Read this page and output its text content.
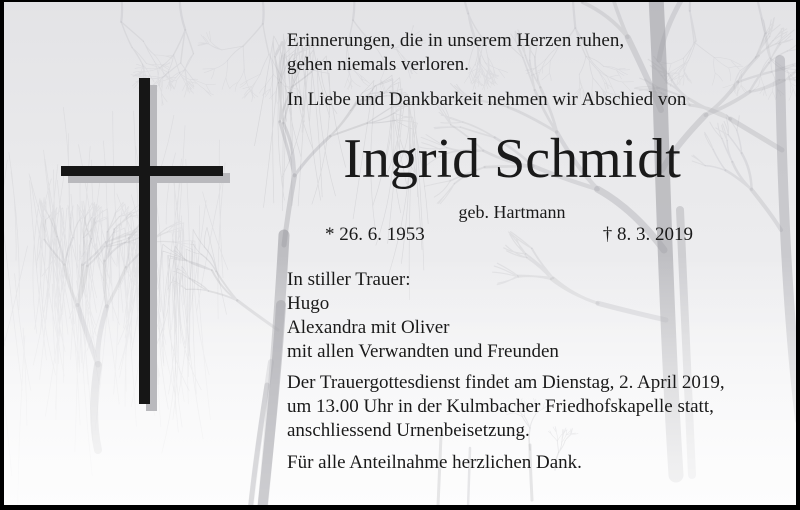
Erinnerungen, die in unserem Herzen ruhen,
gehen niemals verloren.
In Liebe und Dankbarkeit nehmen wir Abschied von
Ingrid Schmidt
geb. Hartmann
* 26. 6. 1953	† 8. 3. 2019
In stiller Trauer:
Hugo
Alexandra mit Oliver
mit allen Verwandten und Freunden
Der Trauergottesdienst findet am Dienstag, 2. April 2019,
um 13.00 Uhr in der Kulmbacher Friedhofskapelle statt,
anschliessend Urnenbeisetzung.
Für alle Anteilnahme herzlichen Dank.
